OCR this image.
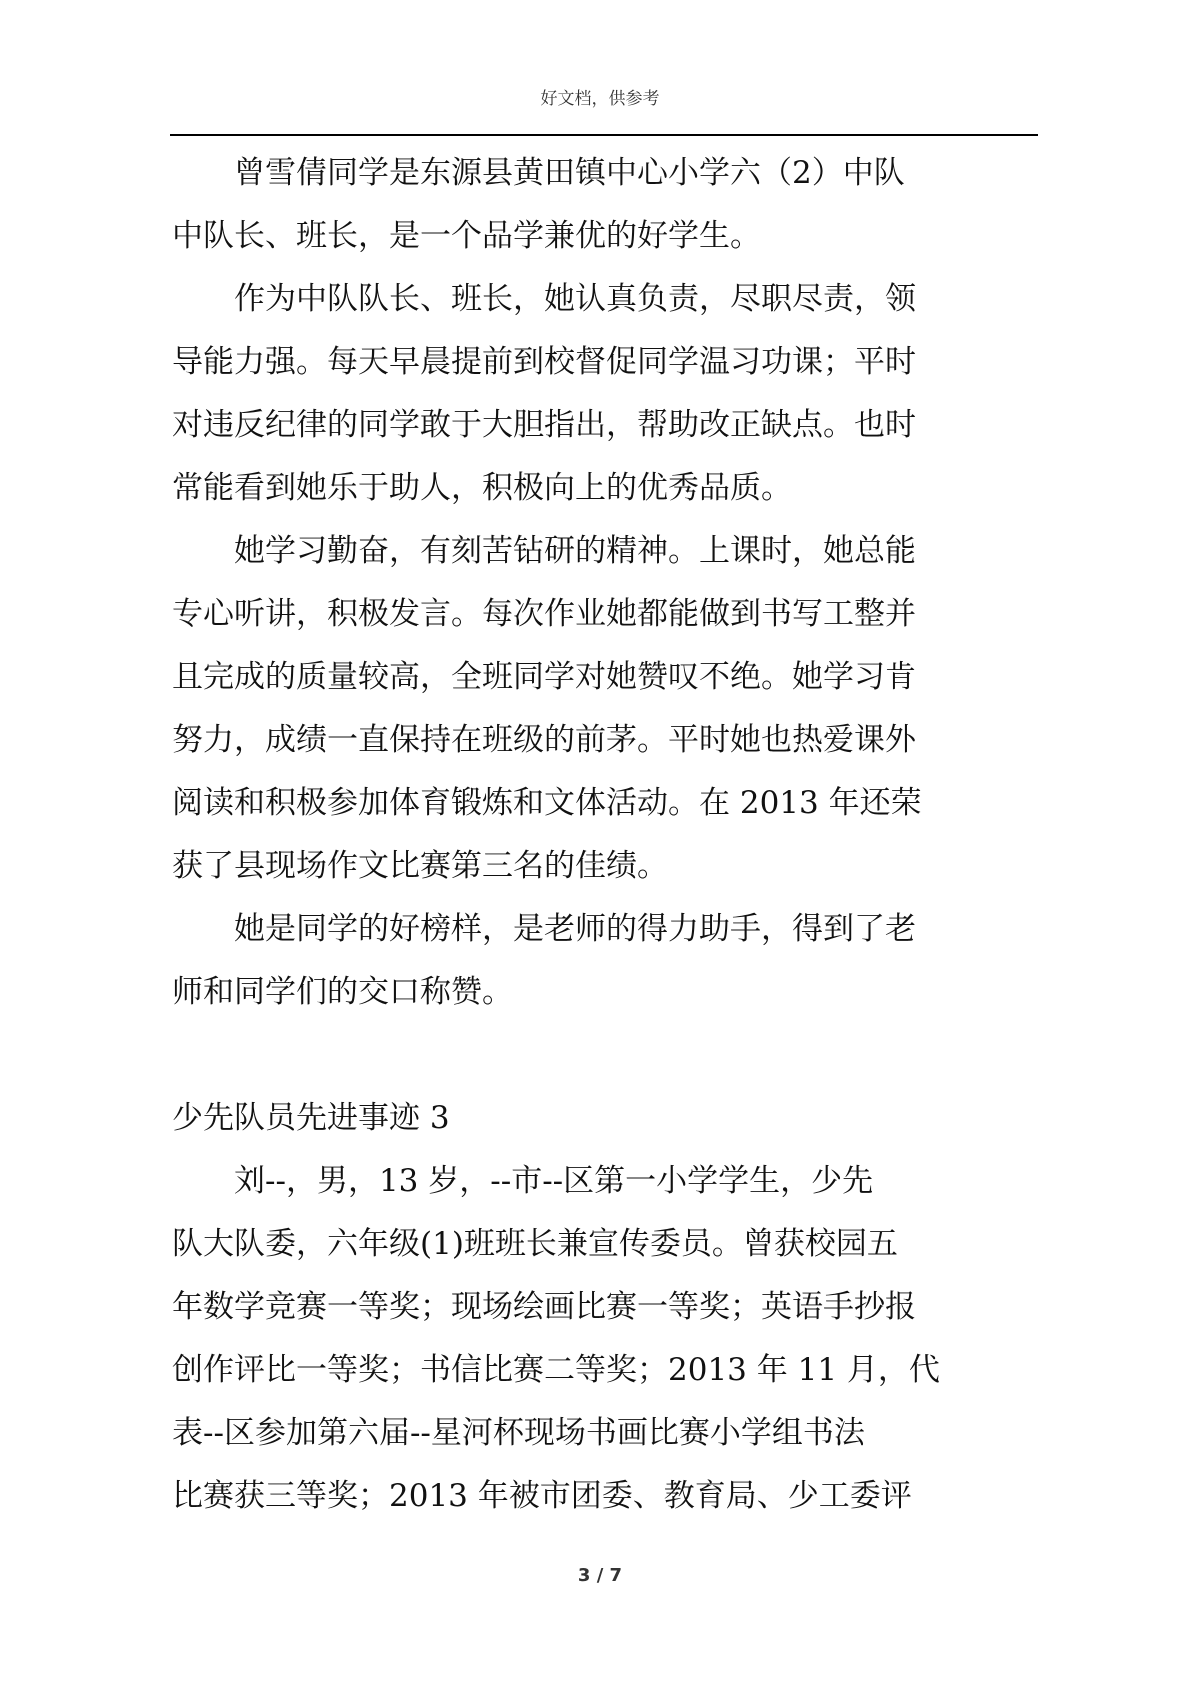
好文档，供参考

曾雪倩同学是东源县黄田镇中心小学六（2）中队
中队长、班长，是一个品学兼优的好学生。

作为中队队长、班长，她认真负责，尽职尽责，领
导能力强。每天早晨提前到校督促同学温习功课；平时
对违反纪律的同学敢于大胆指出，帮助改正缺点。也时
常能看到她乐于助人，积极向上的优秀品质。

她学习勤奋，有刻苦钻研的精神。上课时，她总能
专心听讲，积极发言。每次作业她都能做到书写工整并
且完成的质量较高，全班同学对她赞叹不绝。她学习肯
努力，成绩一直保持在班级的前茅。平时她也热爱课外
阅读和积极参加体育锻炼和文体活动。在 2013 年还荣
获了县现场作文比赛第三名的佳绩。

她是同学的好榜样，是老师的得力助手，得到了老
师和同学们的交口称赞。

少先队员先进事迹 3

刘--，男，13 岁，--市--区第一小学学生，少先
队大队委，六年级(1)班班长兼宣传委员。曾获校园五
年数学竞赛一等奖；现场绘画比赛一等奖；英语手抄报
创作评比一等奖；书信比赛二等奖；2013 年 11 月，代
表--区参加第六届--星河杯现场书画比赛小学组书法
比赛获三等奖；2013 年被市团委、教育局、少工委评

3 / 7
